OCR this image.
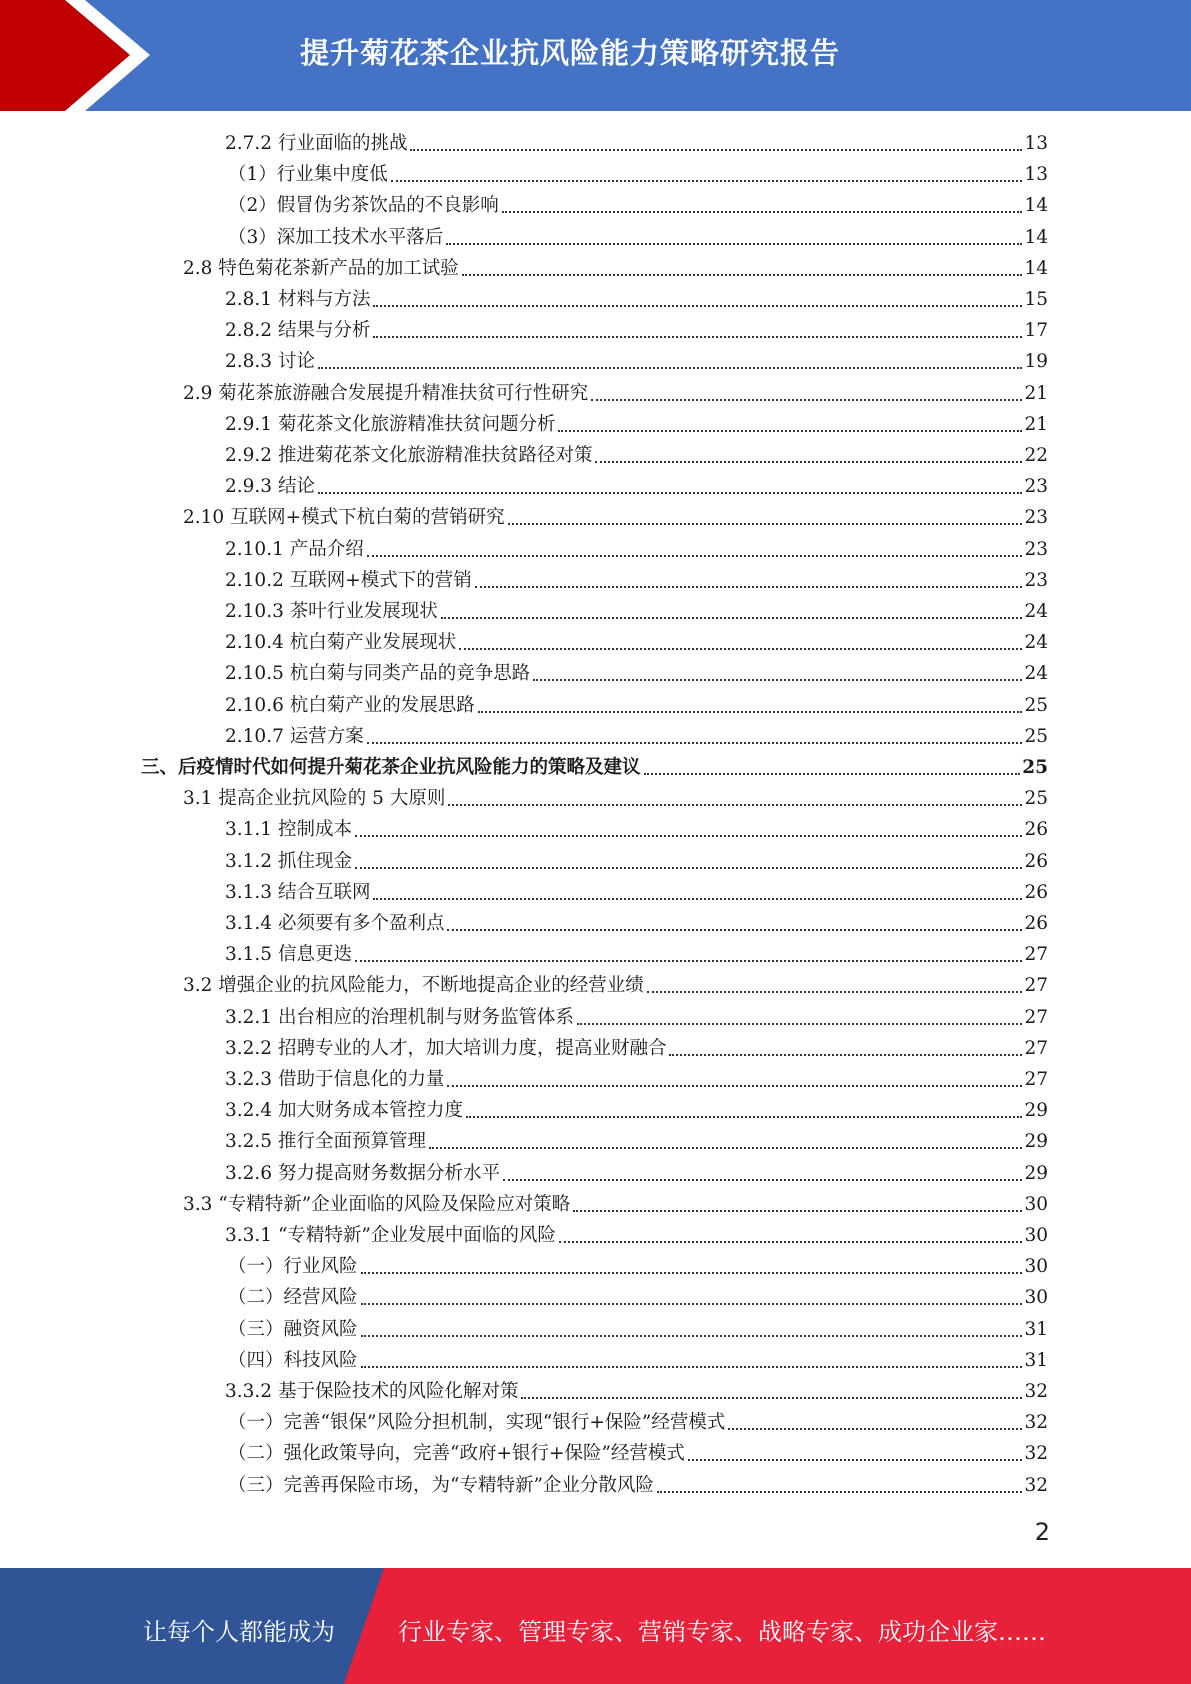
提升菊花茶企业抗风险能力策略研究报告
2.7.2 行业面临的挑战	13
（1）行业集中度低	13
（2）假冒伪劣茶饮品的不良影响	14
（3）深加工技术水平落后	14
2.8 特色菊花茶新产品的加工试验	14
2.8.1 材料与方法	15
2.8.2 结果与分析	17
2.8.3 讨论	19
2.9 菊花茶旅游融合发展提升精准扶贫可行性研究	21
2.9.1 菊花茶文化旅游精准扶贫问题分析	21
2.9.2 推进菊花茶文化旅游精准扶贫路径对策	22
2.9.3 结论	23
2.10 互联网+模式下杭白菊的营销研究	23
2.10.1 产品介绍	23
2.10.2 互联网+模式下的营销	23
2.10.3 茶叶行业发展现状	24
2.10.4 杭白菊产业发展现状	24
2.10.5 杭白菊与同类产品的竞争思路	24
2.10.6 杭白菊产业的发展思路	25
2.10.7 运营方案	25
三、后疫情时代如何提升菊花茶企业抗风险能力的策略及建议	25
3.1 提高企业抗风险的 5 大原则	25
3.1.1 控制成本	26
3.1.2 抓住现金	26
3.1.3 结合互联网	26
3.1.4 必须要有多个盈利点	26
3.1.5 信息更迭	27
3.2 增强企业的抗风险能力，不断地提高企业的经营业绩	27
3.2.1 出台相应的治理机制与财务监管体系	27
3.2.2 招聘专业的人才，加大培训力度，提高业财融合	27
3.2.3 借助于信息化的力量	27
3.2.4 加大财务成本管控力度	29
3.2.5 推行全面预算管理	29
3.2.6 努力提高财务数据分析水平	29
3.3 “专精特新”企业面临的风险及保险应对策略	30
3.3.1 “专精特新”企业发展中面临的风险	30
（一）行业风险	30
（二）经营风险	30
（三）融资风险	31
（四）科技风险	31
3.3.2 基于保险技术的风险化解对策	32
（一）完善“银保”风险分担机制，实现“银行+保险”经营模式	32
（二）强化政策导向，完善“政府+银行+保险”经营模式	32
（三）完善再保险市场，为“专精特新”企业分散风险	32
2
让每个人都能成为	行业专家、管理专家、营销专家、战略专家、成功企业家……
